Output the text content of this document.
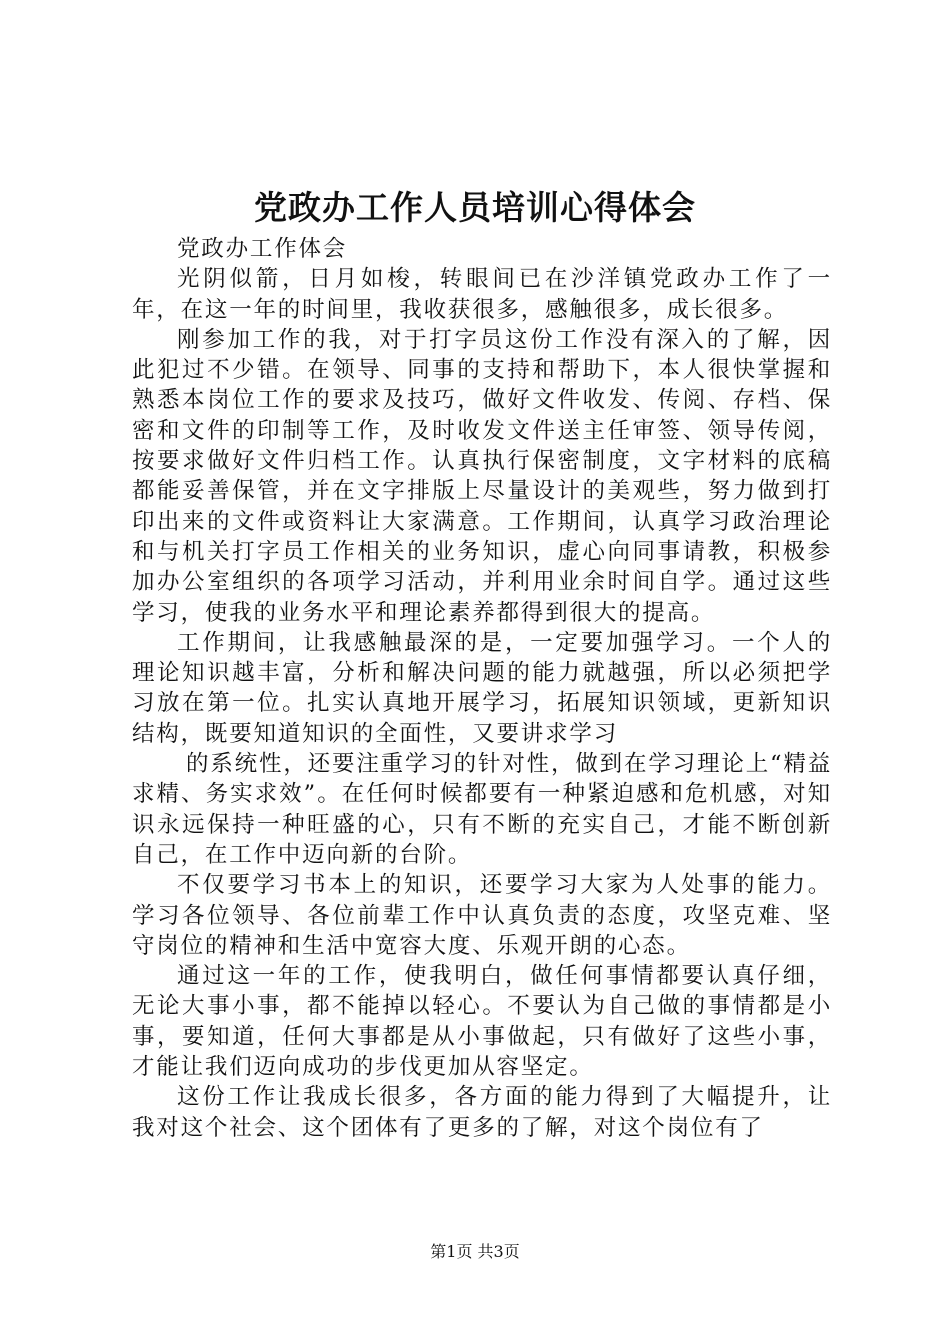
党政办工作人员培训心得体会

党政办工作体会

光阴似箭，日月如梭，转眼间已在沙洋镇党政办工作了一年，在这一年的时间里，我收获很多，感触很多，成长很多。

刚参加工作的我，对于打字员这份工作没有深入的了解，因此犯过不少错。在领导、同事的支持和帮助下，本人很快掌握和熟悉本岗位工作的要求及技巧，做好文件收发、传阅、存档、保密和文件的印制等工作，及时收发文件送主任审签、领导传阅，按要求做好文件归档工作。认真执行保密制度，文字材料的底稿都能妥善保管，并在文字排版上尽量设计的美观些，努力做到打印出来的文件或资料让大家满意。工作期间，认真学习政治理论和与机关打字员工作相关的业务知识，虚心向同事请教，积极参加办公室组织的各项学习活动，并利用业余时间自学。通过这些学习，使我的业务水平和理论素养都得到很大的提高。

工作期间，让我感触最深的是，一定要加强学习。一个人的理论知识越丰富，分析和解决问题的能力就越强，所以必须把学习放在第一位。扎实认真地开展学习，拓展知识领域，更新知识结构，既要知道知识的全面性，又要讲求学习

的系统性，还要注重学习的针对性，做到在学习理论上“精益求精、务实求效”。在任何时候都要有一种紧迫感和危机感，对知识永远保持一种旺盛的心，只有不断的充实自己，才能不断创新自己，在工作中迈向新的台阶。

不仅要学习书本上的知识，还要学习大家为人处事的能力。学习各位领导、各位前辈工作中认真负责的态度，攻坚克难、坚守岗位的精神和生活中宽容大度、乐观开朗的心态。

通过这一年的工作，使我明白，做任何事情都要认真仔细，无论大事小事，都不能掉以轻心。不要认为自己做的事情都是小事，要知道，任何大事都是从小事做起，只有做好了这些小事，才能让我们迈向成功的步伐更加从容坚定。

这份工作让我成长很多，各方面的能力得到了大幅提升，让我对这个社会、这个团体有了更多的了解，对这个岗位有了

第1页 共3页
